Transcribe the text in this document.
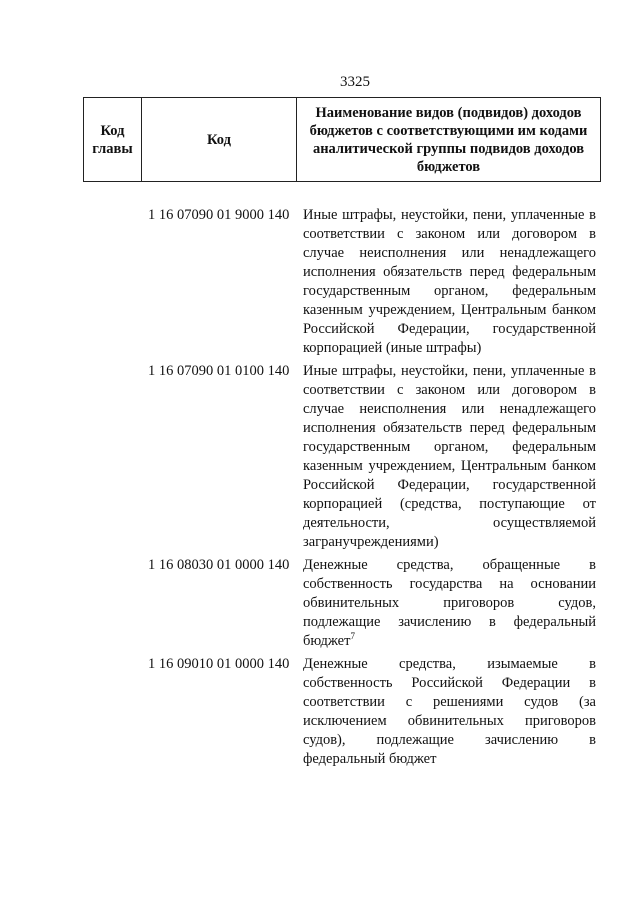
3325
Код главы	Код	Наименование видов (подвидов) доходов бюджетов с соответствующими им кодами аналитической группы подвидов доходов бюджетов
1 16 07090 01 9000 140 Иные штрафы, неустойки, пени, уплаченные в соответствии с законом или договором в случае неисполнения или ненадлежащего исполнения обязательств перед федеральным государственным органом, федеральным казенным учреждением, Центральным банком Российской Федерации, государственной корпорацией (иные штрафы)
1 16 07090 01 0100 140 Иные штрафы, неустойки, пени, уплаченные в соответствии с законом или договором в случае неисполнения или ненадлежащего исполнения обязательств перед федеральным государственным органом, федеральным казенным учреждением, Центральным банком Российской Федерации, государственной корпорацией (средства, поступающие от деятельности, осуществляемой загранучреждениями)
1 16 08030 01 0000 140 Денежные средства, обращенные в собственность государства на основании обвинительных приговоров судов, подлежащие зачислению в федеральный бюджет$^7$
1 16 09010 01 0000 140 Денежные средства, изымаемые в собственность Российской Федерации в соответствии с решениями судов (за исключением обвинительных приговоров судов), подлежащие зачислению в федеральный бюджет
